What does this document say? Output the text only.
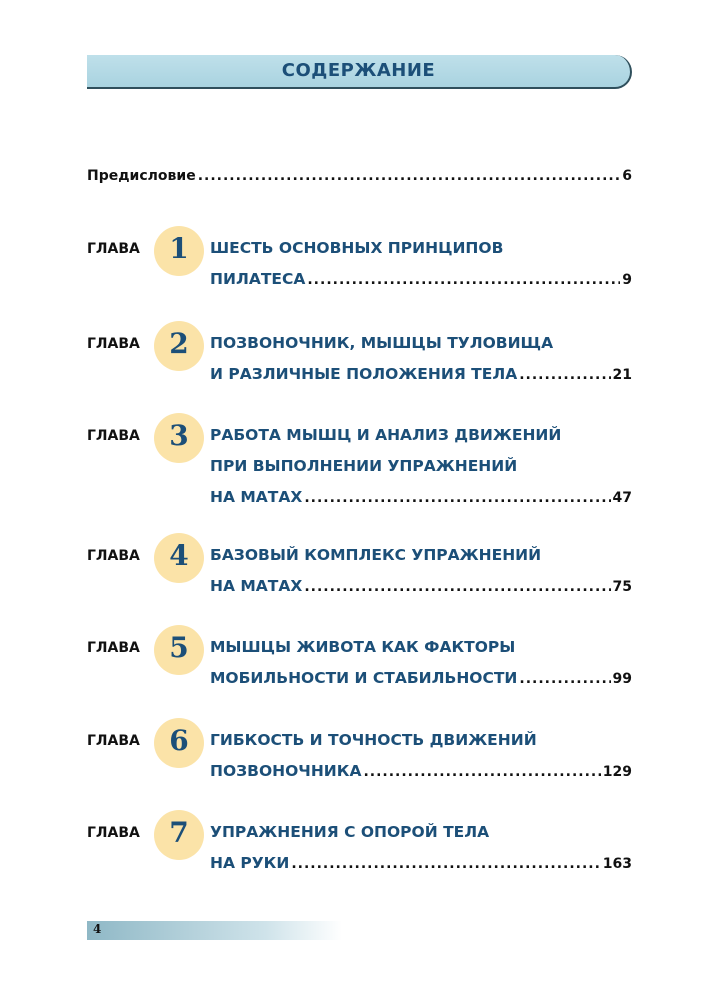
СОДЕРЖАНИЕ
Предисловие .....	6
ГЛАВА	1	ШЕСТЬ ОСНОВНЫХ ПРИНЦИПОВ
ПИЛАТЕСА .....	9
ГЛАВА	2	ПОЗВОНОЧНИК, МЫШЦЫ ТУЛОВИЩА
И РАЗЛИЧНЫЕ ПОЛОЖЕНИЯ ТЕЛА .....	21
ГЛАВА	3	РАБОТА МЫШЦ И АНАЛИЗ ДВИЖЕНИЙ
ПРИ ВЫПОЛНЕНИИ УПРАЖНЕНИЙ
НА МАТАХ .....	47
ГЛАВА	4	БАЗОВЫЙ КОМПЛЕКС УПРАЖНЕНИЙ
НА МАТАХ .....	75
ГЛАВА	5	МЫШЦЫ ЖИВОТА КАК ФАКТОРЫ
МОБИЛЬНОСТИ И СТАБИЛЬНОСТИ .....	99
ГЛАВА	6	ГИБКОСТЬ И ТОЧНОСТЬ ДВИЖЕНИЙ
ПОЗВОНОЧНИКА .....	129
ГЛАВА	7	УПРАЖНЕНИЯ С ОПОРОЙ ТЕЛА
НА РУКИ .....	163
4
